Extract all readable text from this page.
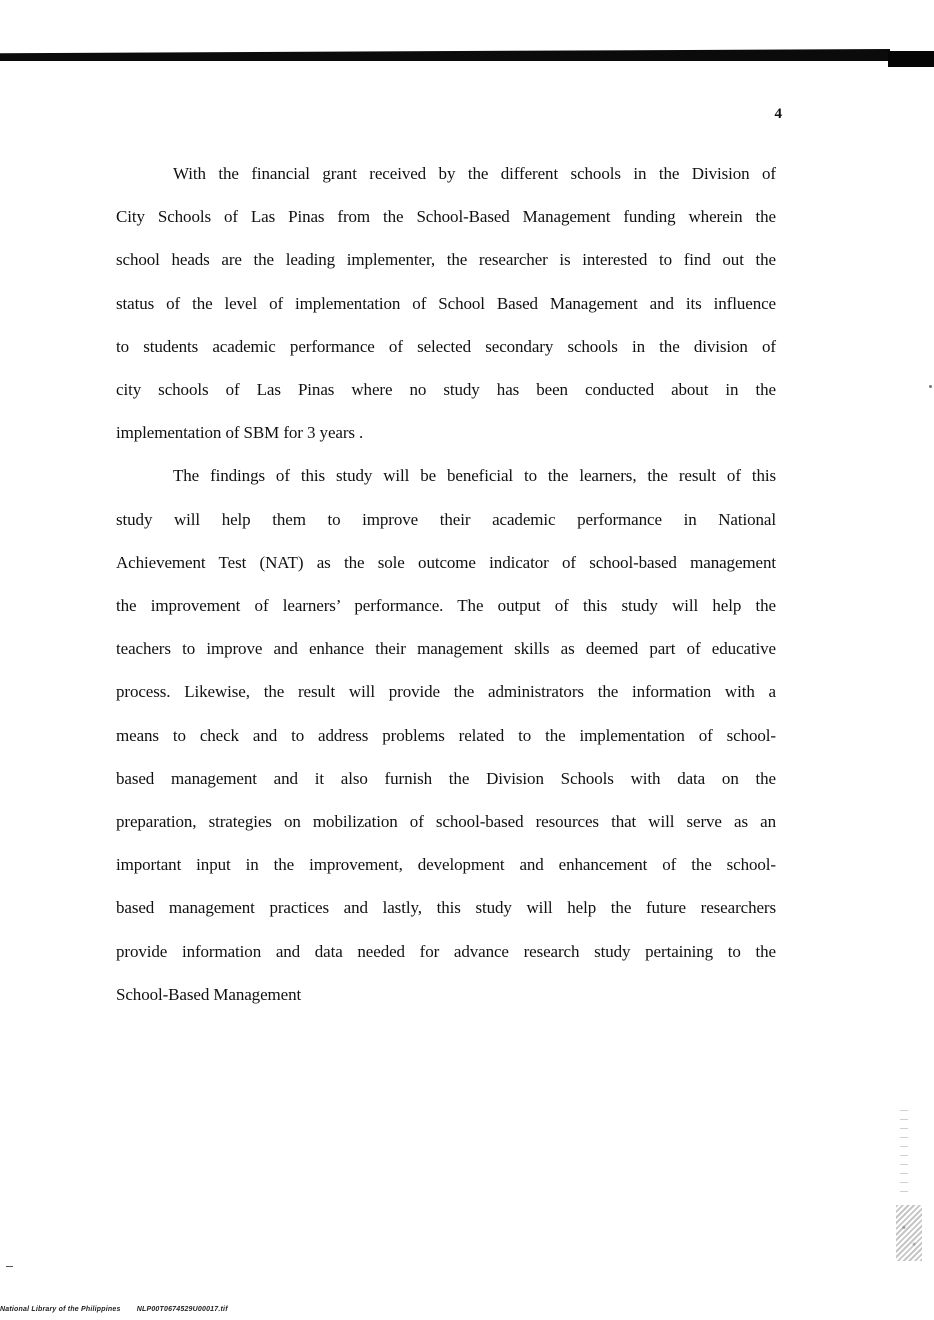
4

With the financial grant received by the different schools in the Division of
City Schools of Las Pinas from the School-Based Management funding wherein the
school heads are the leading implementer, the researcher is interested to find out the
status of the level of implementation of School Based Management and its influence
to students academic performance of selected secondary schools in the division of
city schools of Las Pinas where no study has been conducted about in the
implementation of SBM for 3 years .

The findings of this study will be beneficial to the learners, the result of this
study will help them to improve their academic performance in National
Achievement Test (NAT) as the sole outcome indicator of school-based management
the improvement of learners’ performance. The output of this study will help the
teachers to improve and enhance their management skills as deemed part of educative
process. Likewise, the result will provide the administrators the information with a
means to check and to address problems related to the implementation of school-
based management and it also furnish the Division Schools with data on the
preparation, strategies on mobilization of school-based resources that will serve as an
important input in the improvement, development and enhancement of the school-
based management practices and lastly, this study will help the future researchers
provide information and data needed for advance research study pertaining to the
School-Based Management

National Library of the Philippines NLP00T0674529U00017.tif
